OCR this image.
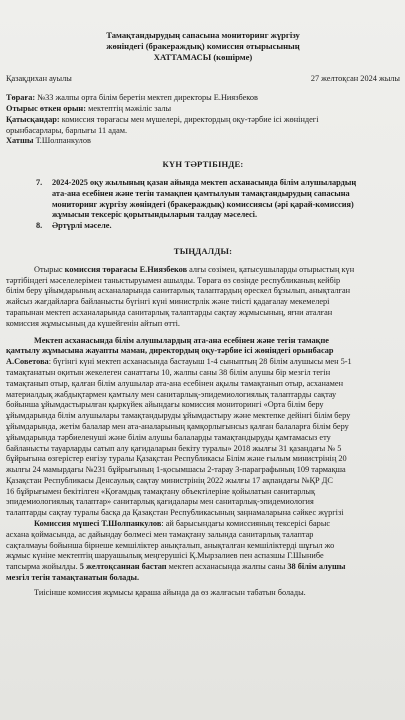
Тамақтандырудың сапасына мониторинг жүргізу
жөніндегі (бракераждық) комиссия отырысының
ХАТТАМАСЫ (көшірме)
Қазақдихан ауылы	27 желтоқсан 2024 жылы

Төраға: №33 жалпы орта білім беретін мектеп директоры Е.Ниязбеков

Отырыс өткен орын: мектептің мәжіліс залы

Қатысқандар: комиссия төрағасы мен мүшелері, директордың оқу-тәрбие ісі жөніндегі

орынбасарлары, барлығы 11 адам.

Хатшы Т.Шолпанкулов

КҮН ТӘРТІБІНДЕ:
7.	2024-2025 оқу жылының қазан айында мектеп асханасында білім алушылардың
ата-ана есебінен және тегін тамақпен қамтылуын тамақтандырудың сапасына
мониторинг жүргізу жөніндегі (бракераждық) комиссиясы (әрі қарай-комиссия)
жұмысын тексеріс қорытындыларын талдау мәселесі.
8.	Әртүрлі мәселе.
ТЫҢДАЛДЫ:

Отырыс комиссия төрағасы Е.Ниязбеков алғы сөзімен, қатысушыларды отырыстың күн

тәртібіндегі мәселелерімен таныстыруымен ашылды. Төраға өз сөзінде республиканың кейбір
білім беру ұйымдарының асханаларында санитарлық талаптардың өрескел бұзылып, анықталған
жайсыз жағдайларға байланысты бүгінгі күні министрлік және тиісті қадағалау мекемелері
тарапынан мектеп асханаларында санитарлық талаптарды сақтау жұмысының, яғни аталған
комиссия жұмысының да күшейгенін айтып өтті.

Мектеп асханасында білім алушылардың ата-ана есебінен және тегін тамақпе

қамтылу жұмысына жауапты маман, директордың оқу-тәрбие ісі жөніндегі орынбасар
А.Советова: бүгінгі күні мектеп асханасында бастауыш 1-4 сыныптың 28 білім алушысы мен 5-1
тамақтанатын оқитын жекелеген санаттағы 10, жалпы саны 38 білім алушы бір мезгіл тегін
тамақтанып отыр, қалған білім алушылар ата-ана есебінен ақылы тамақтанып отыр, асханамен
материалдық жабдықтармен қамтылу мен санитарлық-эпидемиологиялық талаптарды сақтау
бойынша ұйымдастырылған қыркүйек айындағы комиссия мониторингі «Орта білім беру
ұйымдарында білім алушылары тамақтандыруды ұйымдастыру және мектепке дейінгі білім беру
ұйымдарында, жетім балалар мен ата-аналарының қамқорлығынсыз қалған балаларға білім беру
ұйымдарында тәрбиеленуші және білім алушы балаларды тамақтандыруды қамтамасыз ету
байланысты тауарларды сатып алу қағидаларын бекіту туралы» 2018 жылғы 31 қазандағы № 5
бұйрығына өзгерістер енгізу туралы Қазақстан Республикасы Білім және ғылым министрінің 20
жылғы 24 мамырдағы №231 бұйрығының 1-қосымшасы 2-тарау 3-параграфының 109 тармақша
Қазақстан Республикасы Денсаулық сақтау министрінің 2022 жылғы 17 ақпандағы №ҚР ДС
16 бұйрығымен бекітілген «Қоғамдық тамақтану объектілеріне қойылатын санитарлық
эпидемиологиялық талаптар» санитарлық қағидалары мен санитарлық-эпидемиология
талаптарды сақтау туралы басқа да Қазақстан Республикасының заңнамаларына сәйкес жүргізі

Комиссия мүшесі Т.Шолпанкулов: ай барысындағы комиссияның тексерісі барыс

асхана қоймасында, ас дайындау бөлмесі мен тамақтану залында санитарлық талаптар
сақталмауы бойынша бірнеше кемшіліктер анықталып, анықталған кемшіліктерді шұғыл жо
жұмыс күніне мектептің шаруашылық меңгерушісі Қ.Мырзалиев пен аспазшы Г.Шынибе
тапсырма жойылды. 5 желтоқсаннан бастап мектеп асханасында жалпы саны 38 білім алушы
мезгіл тегін тамақтанатын болады.

Тиісінше комиссия жұмысы қараша айында да өз жалғасын табатын болады.
